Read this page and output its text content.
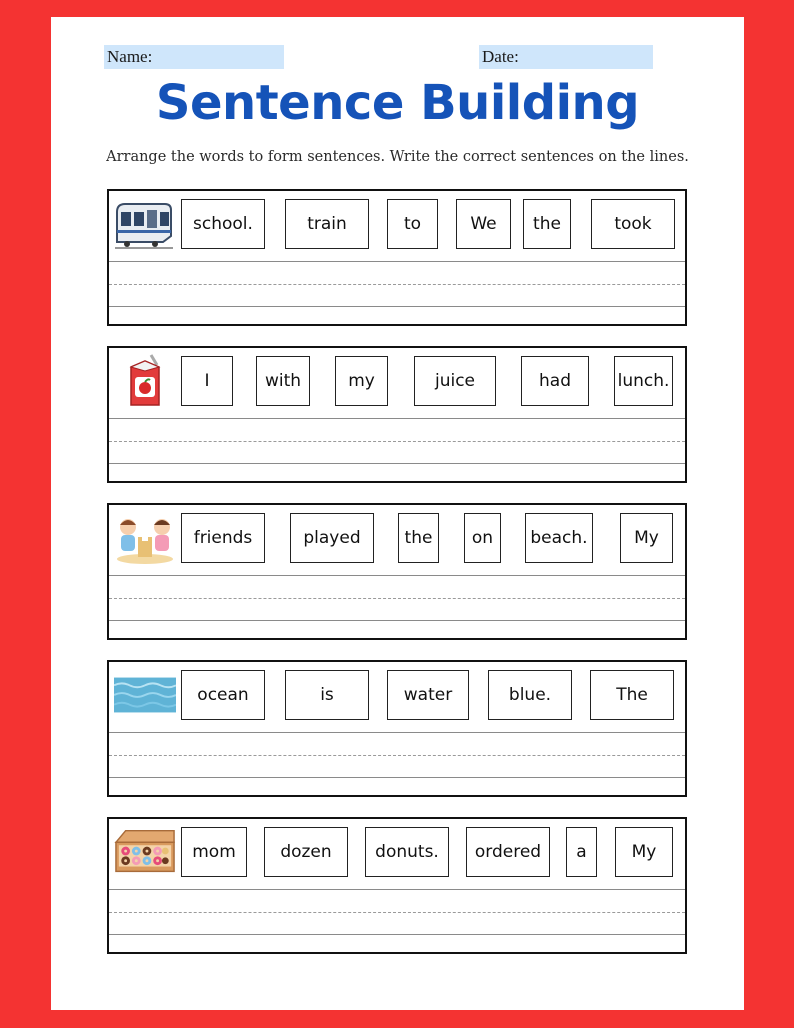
Name:	Date:
Sentence Building

Arrange the words to form sentences. Write the correct sentences on the lines.

school.	train	to	We	the	took
I	with	my	juice	had	lunch.
friends	played	the	on	beach.	My
ocean	is	water	blue.	The
mom	dozen	donuts.	ordered	a	My
